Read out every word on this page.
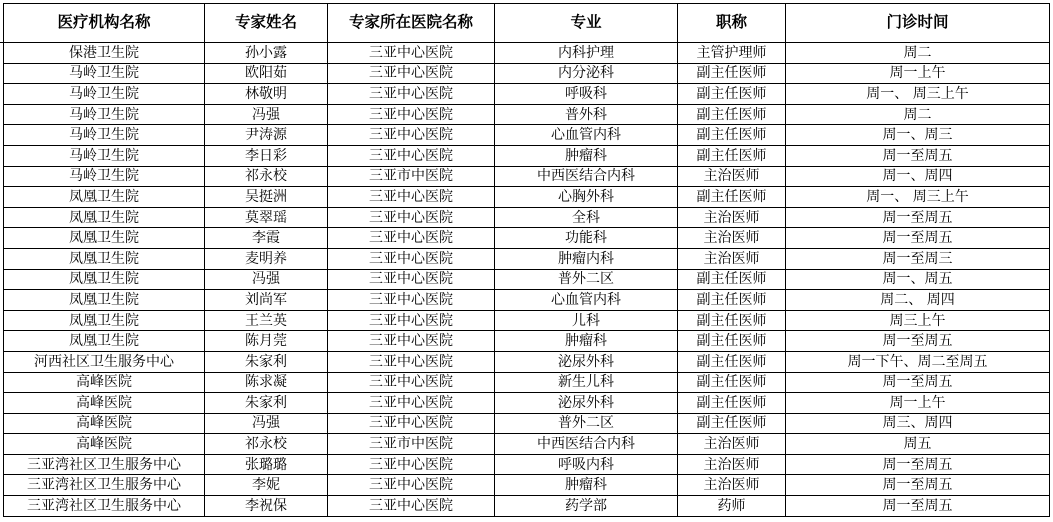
医疗机构名称	专家姓名	专家所在医院名称	专业	职称	门诊时间
保港卫生院	孙小露	三亚中心医院	内科护理	主管护理师	周二
马岭卫生院	欧阳茹	三亚中心医院	内分泌科	副主任医师	周一上午
马岭卫生院	林敬明	三亚中心医院	呼吸科	副主任医师	周一、 周三上午
马岭卫生院	冯强	三亚中心医院	普外科	副主任医师	周二
马岭卫生院	尹涛源	三亚中心医院	心血管内科	副主任医师	周一、周三
马岭卫生院	李日彩	三亚中心医院	肿瘤科	副主任医师	周一至周五
马岭卫生院	祁永校	三亚市中医院	中西医结合内科	主治医师	周一、周四
凤凰卫生院	吴挺洲	三亚中心医院	心胸外科	副主任医师	周一、 周三上午
凤凰卫生院	莫翠瑶	三亚中心医院	全科	主治医师	周一至周五
凤凰卫生院	李霞	三亚中心医院	功能科	主治医师	周一至周五
凤凰卫生院	麦明养	三亚中心医院	肿瘤内科	主治医师	周一至周三
凤凰卫生院	冯强	三亚中心医院	普外二区	副主任医师	周一、周五
凤凰卫生院	刘尚军	三亚中心医院	心血管内科	副主任医师	周二、 周四
凤凰卫生院	王兰英	三亚中心医院	儿科	副主任医师	周三上午
凤凰卫生院	陈月莞	三亚中心医院	肿瘤科	副主任医师	周一至周五
河西社区卫生服务中心	朱家利	三亚中心医院	泌尿外科	副主任医师	周一下午、周二至周五
高峰医院	陈求凝	三亚中心医院	新生儿科	副主任医师	周一至周五
高峰医院	朱家利	三亚中心医院	泌尿外科	副主任医师	周一上午
高峰医院	冯强	三亚中心医院	普外二区	副主任医师	周三、周四
高峰医院	祁永校	三亚市中医院	中西医结合内科	主治医师	周五
三亚湾社区卫生服务中心	张璐璐	三亚中心医院	呼吸内科	主治医师	周一至周五
三亚湾社区卫生服务中心	李妮	三亚中心医院	肿瘤科	主治医师	周一至周五
三亚湾社区卫生服务中心	李祝保	三亚中心医院	药学部	药师	周一至周五
